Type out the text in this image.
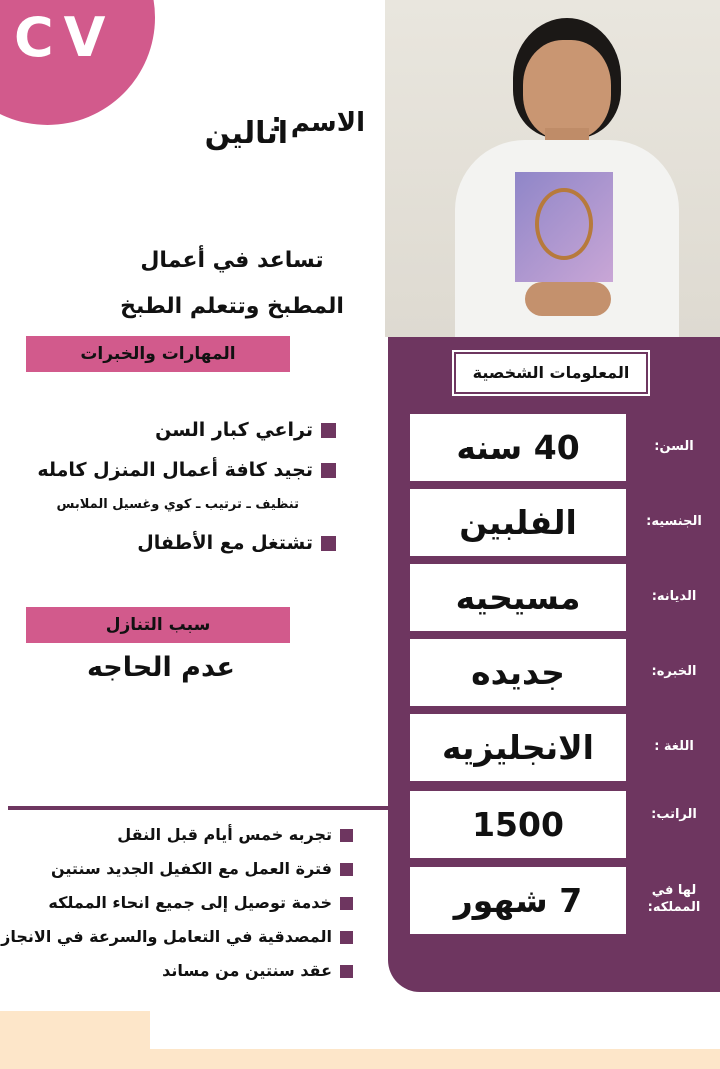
CV
الاسم :
انالين
تساعد في أعمال
المطبخ وتتعلم الطبخ
المعلومات الشخصية
40 سنه	السن:
الفلبين	الجنسيه:
مسيحيه	الديانه:
جديده	الخبره:
الانجليزيه	اللغة :
1500	الراتب:
7 شهور	لها في المملكه:
المهارات والخبرات
تراعي كبار السن
تجيد كافة أعمال المنزل كامله
تنظيف ـ ترتيب ـ كوي وغسيل الملابس
تشتغل مع الأطفال
سبب التنازل
عدم الحاجه
تجربه خمس أيام قبل النقل
فترة العمل مع الكفيل الجديد سنتين
خدمة توصيل إلى جميع انحاء المملكه
المصدقية في التعامل والسرعة في الانجاز
عقد سنتين من مساند
